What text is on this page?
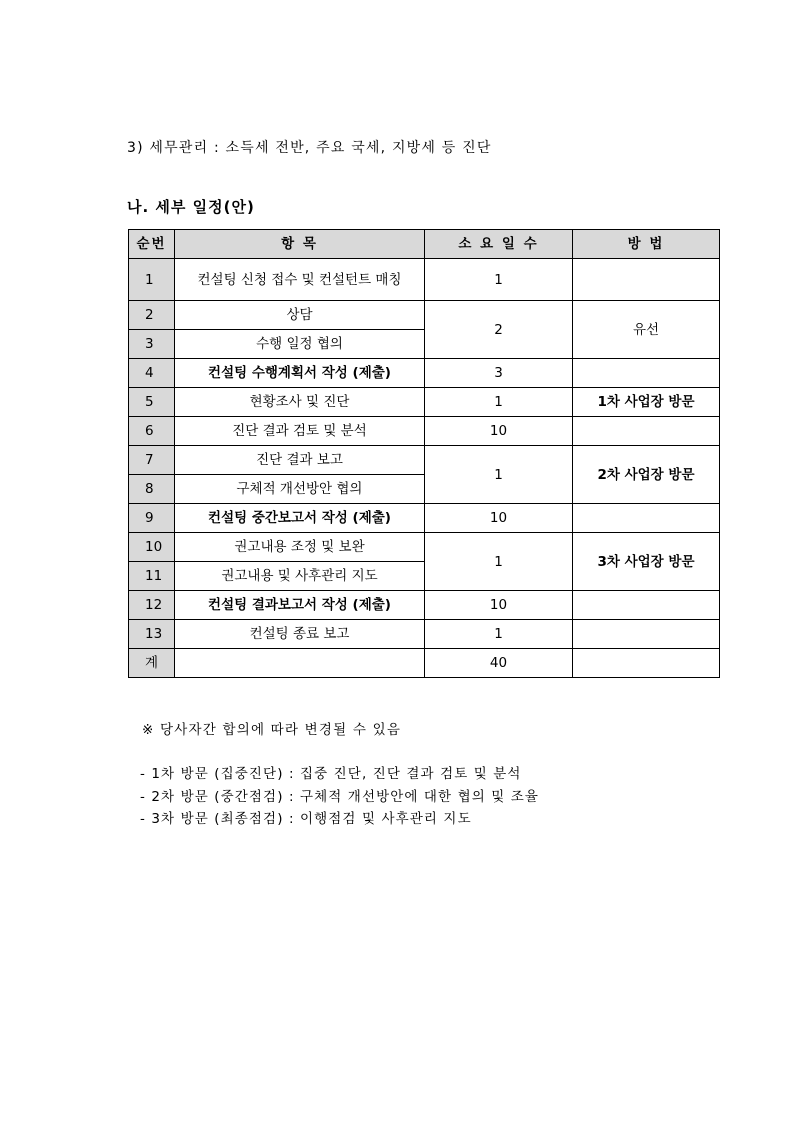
3) 세무관리 : 소득세 전반, 주요 국세, 지방세 등 진단
나. 세부 일정(안)
순번	항 목	소 요 일 수	방 법
1	컨설팅 신청 접수 및 컨설턴트 매칭	1	
2	상담	2	유선
3	수행 일정 협의		
4	컨설팅 수행계획서 작성 (제출)	3	
5	현황조사 및 진단	1	1차 사업장 방문
6	진단 결과 검토 및 분석	10	
7	진단 결과 보고	1	2차 사업장 방문
8	구체적 개선방안 협의		
9	컨설팅 중간보고서 작성 (제출)	10	
10	권고내용 조정 및 보완	1	3차 사업장 방문
11	권고내용 및 사후관리 지도		
12	컨설팅 결과보고서 작성 (제출)	10	
13	컨설팅 종료 보고	1	
계		40	
※ 당사자간 합의에 따라 변경될 수 있음
- 1차 방문 (집중진단) : 집중 진단, 진단 결과 검토 및 분석
- 2차 방문 (중간점검) : 구체적 개선방안에 대한 협의 및 조율
- 3차 방문 (최종점검) : 이행점검 및 사후관리 지도
